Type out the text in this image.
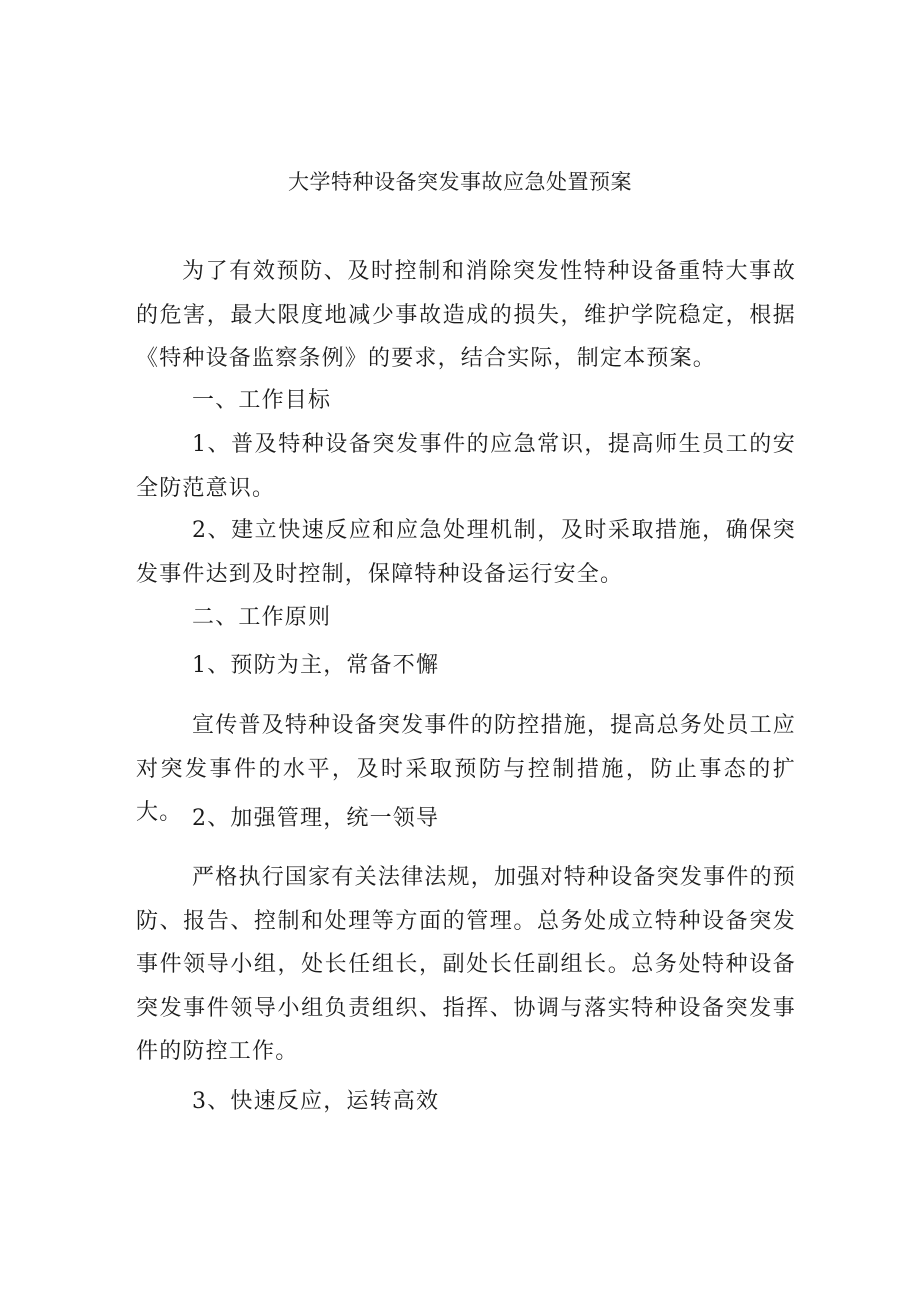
大学特种设备突发事故应急处置预案
为了有效预防、及时控制和消除突发性特种设备重特大事故的危害，最大限度地减少事故造成的损失，维护学院稳定，根据《特种设备监察条例》的要求，结合实际，制定本预案。
一、工作目标
1、普及特种设备突发事件的应急常识，提高师生员工的安全防范意识。
2、建立快速反应和应急处理机制，及时采取措施，确保突发事件达到及时控制，保障特种设备运行安全。
二、工作原则
1、预防为主，常备不懈
宣传普及特种设备突发事件的防控措施，提高总务处员工应对突发事件的水平，及时采取预防与控制措施，防止事态的扩大。 2、加强管理，统一领导
严格执行国家有关法律法规，加强对特种设备突发事件的预防、报告、控制和处理等方面的管理。总务处成立特种设备突发事件领导小组，处长任组长，副处长任副组长。总务处特种设备突发事件领导小组负责组织、指挥、协调与落实特种设备突发事件的防控工作。
3、快速反应，运转高效
